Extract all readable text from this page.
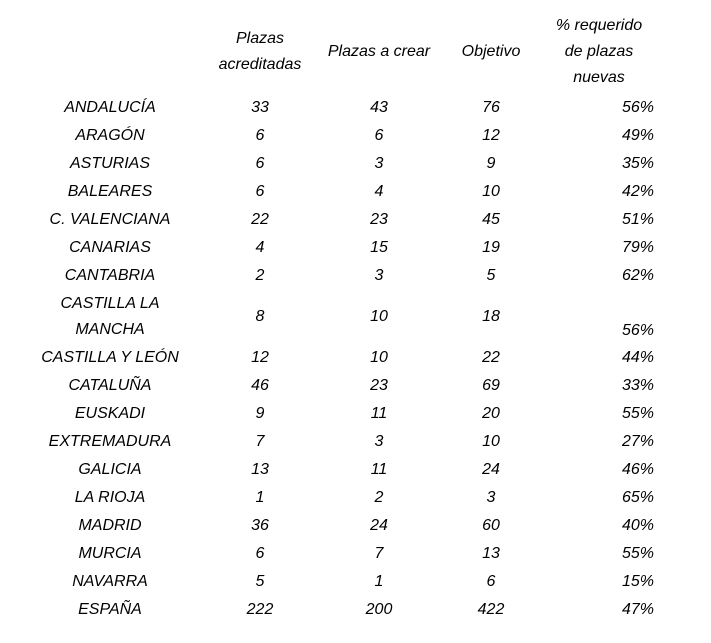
	Plazas acreditadas	Plazas a crear	Objetivo	% requerido de plazas nuevas
ANDALUCÍA	33	43	76	56%
ARAGÓN	6	6	12	49%
ASTURIAS	6	3	9	35%
BALEARES	6	4	10	42%
C. VALENCIANA	22	23	45	51%
CANARIAS	4	15	19	79%
CANTABRIA	2	3	5	62%
CASTILLA LA MANCHA	8	10	18	56%
CASTILLA Y LEÓN	12	10	22	44%
CATALUÑA	46	23	69	33%
EUSKADI	9	11	20	55%
EXTREMADURA	7	3	10	27%
GALICIA	13	11	24	46%
LA RIOJA	1	2	3	65%
MADRID	36	24	60	40%
MURCIA	6	7	13	55%
NAVARRA	5	1	6	15%
ESPAÑA	222	200	422	47%
